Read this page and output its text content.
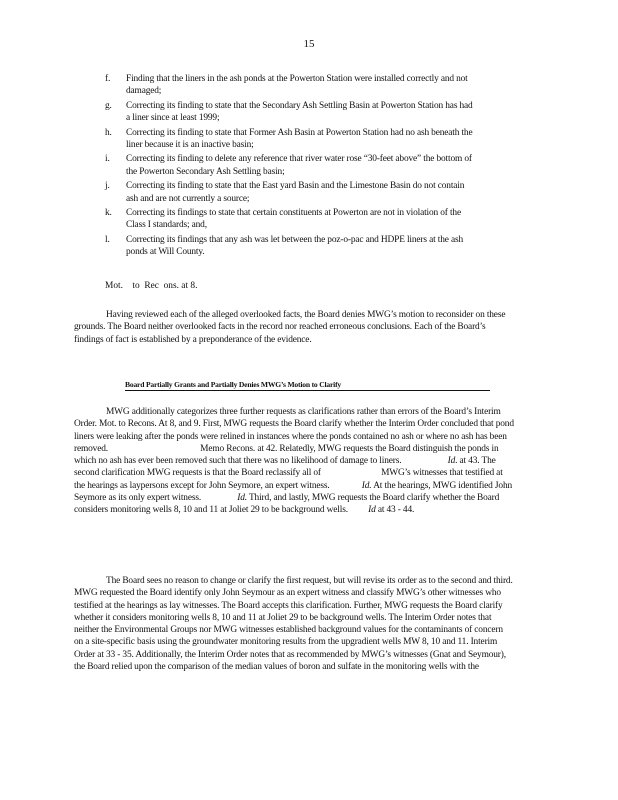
15
f. Finding that the liners in the ash ponds at the Powerton Station were installed correctly and not damaged;
g. Correcting its finding to state that the Secondary Ash Settling Basin at Powerton Station has had a liner since at least 1999;
h. Correcting its finding to state that Former Ash Basin at Powerton Station had no ash beneath the liner because it is an inactive basin;
i. Correcting its finding to delete any reference that river water rose “30-feet above” the bottom of the Powerton Secondary Ash Settling basin;
j. Correcting its finding to state that the East yard Basin and the Limestone Basin do not contain ash and are not currently a source;
k. Correcting its findings to state that certain constituents at Powerton are not in violation of the Class I standards; and,
l. Correcting its findings that any ash was let between the poz-o-pac and HDPE liners at the ash ponds at Will County.
Mot.    to  Rec  ons. at 8.

Having reviewed each of the alleged overlooked facts, the Board denies MWG’s motion to reconsider on these grounds. The Board neither overlooked facts in the record nor reached erroneous conclusions. Each of the Board’s findings of fact is established by a preponderance of the evidence.

Board Partially Grants and Partially Denies MWG’s Motion to Clarify

MWG additionally categorizes three further requests as clarifications rather than errors of the Board’s Interim Order. Mot. to Recons. At 8, and 9. First, MWG requests the Board clarify whether the Interim Order concluded that pond liners were leaking after the ponds were relined in instances where the ponds contained no ash or where no ash has been removed.	Memo Recons. at 42. Relatedly, MWG requests the Board distinguish the ponds in which no ash has ever been removed such that there was no likelihood of damage to liners.	Id. at 43. The second clarification MWG requests is that the Board reclassify all of	MWG’s witnesses that testified at the hearings as laypersons except for John Seymore, an expert witness.	Id. At the hearings, MWG identified John Seymore as its only expert witness.	Id. Third, and lastly, MWG requests the Board clarify whether the Board considers monitoring wells 8, 10 and 11 at Joliet 29 to be background wells. Id at 43 - 44.

The Board sees no reason to change or clarify the first request, but will revise its order as to the second and third. MWG requested the Board identify only John Seymour as an expert witness and classify MWG’s other witnesses who testified at the hearings as lay witnesses. The Board accepts this clarification. Further, MWG requests the Board clarify whether it considers monitoring wells 8, 10 and 11 at Joliet 29 to be background wells. The Interim Order notes that neither the Environmental Groups nor MWG witnesses established background values for the contaminants of concern on a site-specific basis using the groundwater monitoring results from the upgradient wells MW 8, 10 and 11. Interim Order at 33 - 35. Additionally, the Interim Order notes that as recommended by MWG’s witnesses (Gnat and Seymour), the Board relied upon the comparison of the median values of boron and sulfate in the monitoring wells with the
